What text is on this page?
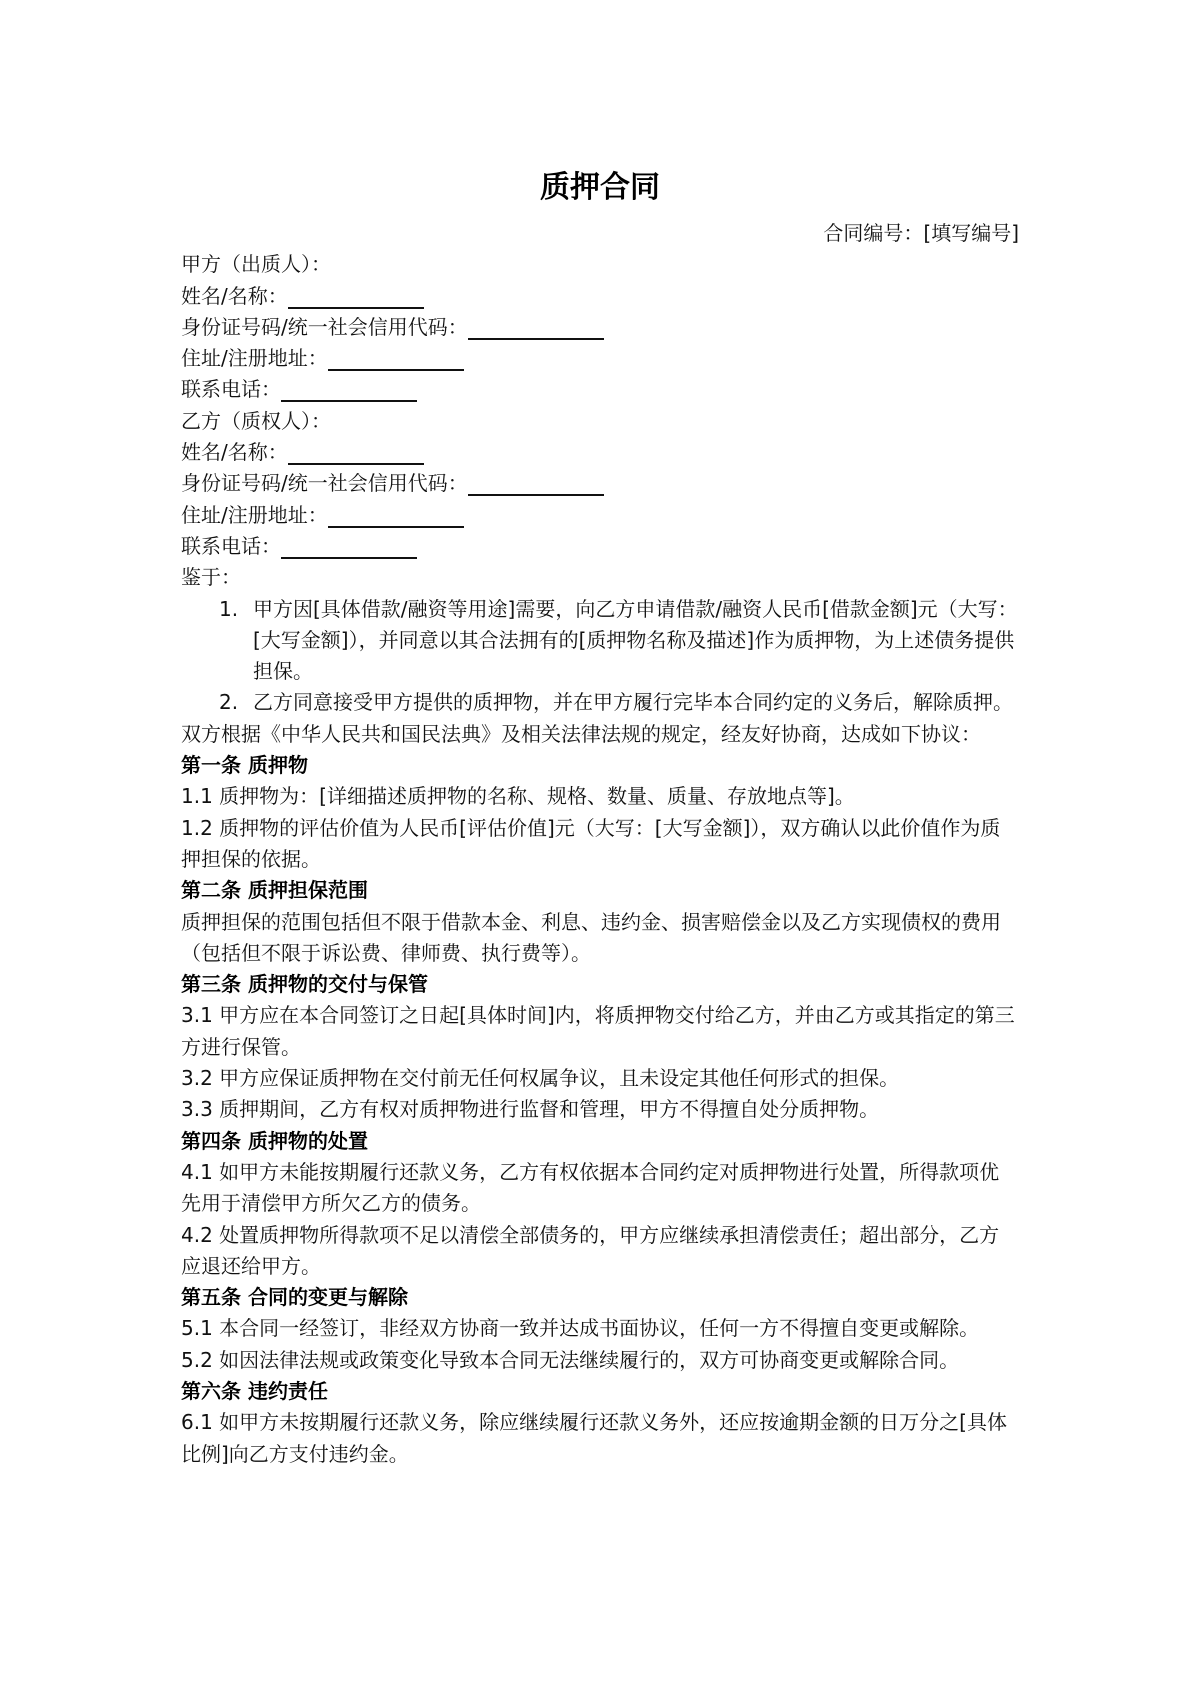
质押合同
合同编号：[填写编号]
甲方（出质人）：
姓名/名称：
身份证号码/统一社会信用代码：
住址/注册地址：
联系电话：
乙方（质权人）：
姓名/名称：
身份证号码/统一社会信用代码：
住址/注册地址：
联系电话：
鉴于：
1. 甲方因[具体借款/融资等用途]需要，向乙方申请借款/融资人民币[借款金额]元（大写：[大写金额]），并同意以其合法拥有的[质押物名称及描述]作为质押物，为上述债务提供担保。
2. 乙方同意接受甲方提供的质押物，并在甲方履行完毕本合同约定的义务后，解除质押。

双方根据《中华人民共和国民法典》及相关法律法规的规定，经友好协商，达成如下协议：

第一条 质押物

1.1 质押物为：[详细描述质押物的名称、规格、数量、质量、存放地点等]。

1.2 质押物的评估价值为人民币[评估价值]元（大写：[大写金额]），双方确认以此价值作为质押担保的依据。

第二条 质押担保范围

质押担保的范围包括但不限于借款本金、利息、违约金、损害赔偿金以及乙方实现债权的费用（包括但不限于诉讼费、律师费、执行费等）。

第三条 质押物的交付与保管

3.1 甲方应在本合同签订之日起[具体时间]内，将质押物交付给乙方，并由乙方或其指定的第三方进行保管。

3.2 甲方应保证质押物在交付前无任何权属争议，且未设定其他任何形式的担保。

3.3 质押期间，乙方有权对质押物进行监督和管理，甲方不得擅自处分质押物。

第四条 质押物的处置

4.1 如甲方未能按期履行还款义务，乙方有权依据本合同约定对质押物进行处置，所得款项优先用于清偿甲方所欠乙方的债务。

4.2 处置质押物所得款项不足以清偿全部债务的，甲方应继续承担清偿责任；超出部分，乙方应退还给甲方。

第五条 合同的变更与解除

5.1 本合同一经签订，非经双方协商一致并达成书面协议，任何一方不得擅自变更或解除。

5.2 如因法律法规或政策变化导致本合同无法继续履行的，双方可协商变更或解除合同。

第六条 违约责任

6.1 如甲方未按期履行还款义务，除应继续履行还款义务外，还应按逾期金额的日万分之[具体比例]向乙方支付违约金。
